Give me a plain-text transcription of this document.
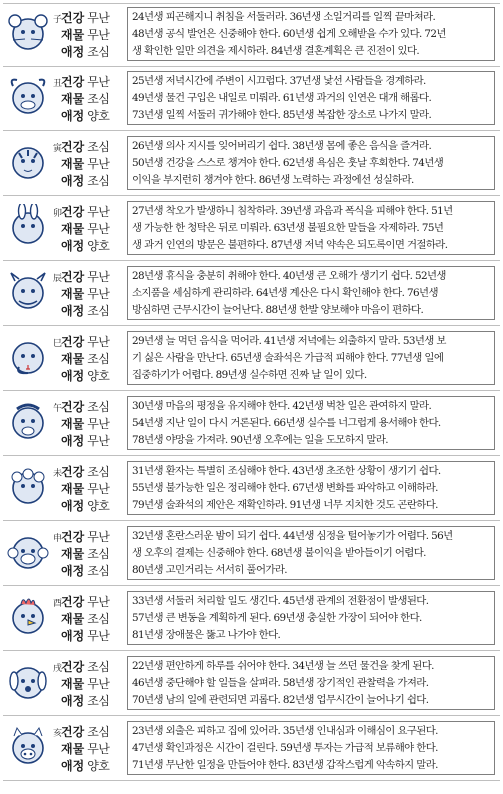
子
건강 무난
재물 무난
애정 조심
24년생 피곤해지니 취침을 서둘러라. 36년생 소일거리를 일찍 끝마쳐라.
48년생 공식 발언은 신중해야 한다. 60년생 쉽게 오해받을 수가 있다. 72년
생 확인한 일만 의견을 제시하라. 84년생 결혼계획은 큰 진전이 있다.
丑
건강 무난
재물 조심
애정 양호
25년생 저녁시간에 주변이 시끄럽다. 37년생 낯선 사람들을 경계하라.
49년생 물건 구입은 내일로 미뤄라. 61년생 과거의 인연은 대개 해롭다.
73년생 일찍 서둘러 귀가해야 한다. 85년생 복잡한 장소로 나가지 말라.
寅
건강 조심
재물 무난
애정 조심
26년생 의사 지시를 잊어버리기 쉽다. 38년생 몸에 좋은 음식을 즐겨라.
50년생 건강을 스스로 챙겨야 한다. 62년생 욕심은 훗날 후회한다. 74년생
이익을 부지런히 챙겨야 한다. 86년생 노력하는 과정에선 성실하라.
卯
건강 무난
재물 무난
애정 양호
27년생 착오가 발생하니 침착하라. 39년생 과음과 폭식을 피해야 한다. 51년
생 가능한 한 청탁은 뒤로 미뤄라. 63년생 불필요한 말들을 자제하라. 75년
생 과거 인연의 방문은 불편하다. 87년생 저녁 약속은 되도록이면 거절하라.
辰
건강 무난
재물 무난
애정 조심
28년생 휴식을 충분히 취해야 한다. 40년생 큰 오해가 생기기 쉽다. 52년생
소지품을 세심하게 관리하라. 64년생 계산은 다시 확인해야 한다. 76년생
방심하면 근무시간이 늘어난다. 88년생 한발 양보해야 마음이 편하다.
巳
건강 무난
재물 조심
애정 양호
29년생 늘 먹던 음식을 먹어라. 41년생 저녁에는 외출하지 말라. 53년생 보
기 싫은 사람을 만난다. 65년생 술좌석은 가급적 피해야 한다. 77년생 일에
집중하기가 어렵다. 89년생 실수하면 진짜 날 일이 있다.
午
건강 조심
재물 무난
애정 무난
30년생 마음의 평정을 유지해야 한다. 42년생 벅찬 일은 관여하지 말라.
54년생 지난 일이 다시 거론된다. 66년생 실수를 너그럽게 용서해야 한다.
78년생 야망을 가져라. 90년생 오후에는 일을 도모하지 말라.
未
건강 조심
재물 무난
애정 양호
31년생 환자는 특별히 조심해야 한다. 43년생 초조한 상황이 생기기 쉽다.
55년생 불가능한 일은 정리해야 한다. 67년생 변화를 파악하고 이해하라.
79년생 술좌석의 제안은 재확인하라. 91년생 너무 지치한 것도 곤란하다.
申
건강 무난
재물 조심
애정 조심
32년생 혼란스러운 밤이 되기 쉽다. 44년생 심정을 털어놓기가 어렵다. 56년
생 오후의 결제는 신중해야 한다. 68년생 불이익을 받아들이기 어렵다.
80년생 고민거리는 서서히 풀어가라.
酉
건강 무난
재물 조심
애정 무난
33년생 서둘러 처리할 일도 생긴다. 45년생 관계의 전환점이 발생된다.
57년생 큰 변동을 계획하게 된다. 69년생 충실한 가장이 되어야 한다.
81년생 장애물은 뚫고 나가야 한다.
戌
건강 조심
재물 무난
애정 조심
22년생 편안하게 하루를 쉬어야 한다. 34년생 늘 쓰던 물건을 찾게 된다.
46년생 중단해야 할 일들을 살펴라. 58년생 장기적인 관찰력을 가져라.
70년생 남의 일에 관련되면 괴롭다. 82년생 업무시간이 늘어나기 쉽다.
亥
건강 조심
재물 무난
애정 양호
23년생 외출은 피하고 집에 있어라. 35년생 인내심과 이해심이 요구된다.
47년생 확인과정은 시간이 걸린다. 59년생 투자는 가급적 보류해야 한다.
71년생 무난한 일정을 만들어야 한다. 83년생 갑작스럽게 악속하지 말라.
